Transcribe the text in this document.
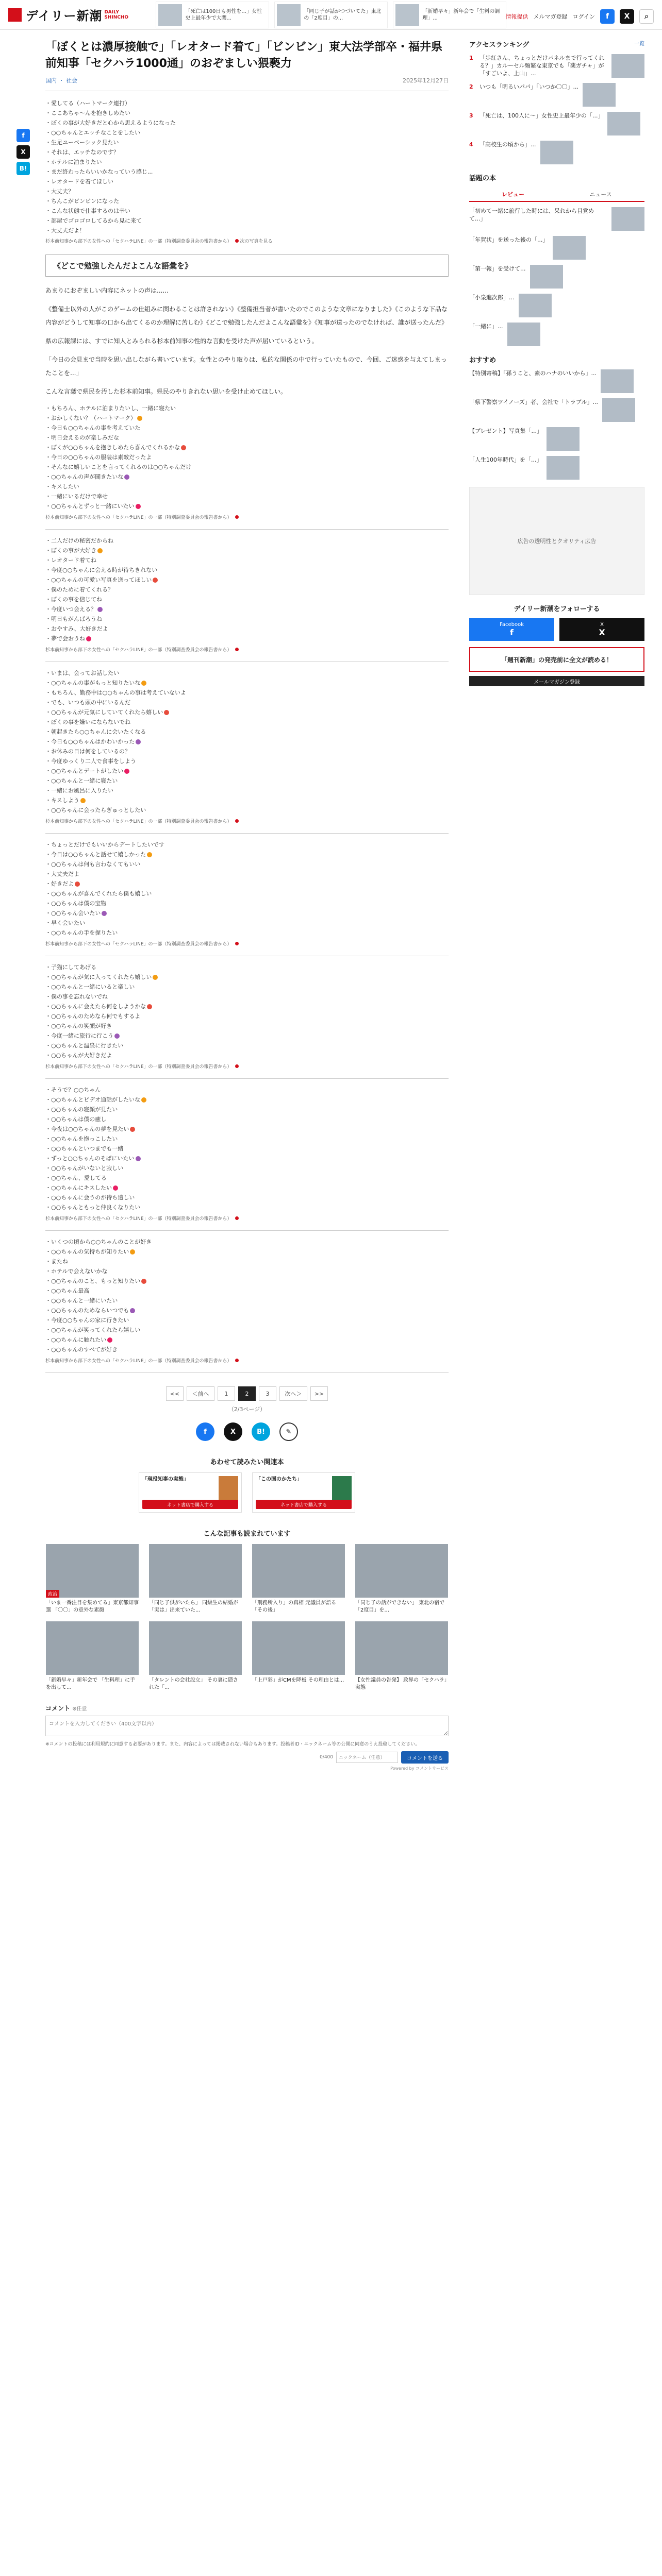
デイリー新潮 DAILY SHINCHO
「死亡は100日も男性を...」女性史上最年少で大関...
「同じ子が話がつづいてた」東北の「2度目」の...
「新婚早々」新年会で「生料の調理」...	情報提供 メルマガ登録 ログイン	f	X	⌕
f
X
B!
「ぼくとは濃厚接触で」「レオタード着て」「ビンビン」東大法学部卒・福井県前知事「セクハラ1000通」のおぞましい猥褻力
国内 ・ 社会	2025年12月27日
・愛してる（ハートマーク連打）
・ここあちゃ〜んを抱きしめたい
・ぼくの事が大好きだと心から思えるようになった
・○○ちゃんとエッチなことをしたい
・生足ユーベーシック見たい
・それは、エッチなのです？
・ホテルに泊まりたい
・まだ終わったらいいかなっていう感じ...
・レオタードを着てほしい
・大丈夫？
・ちんこがビンビンになった
・こんな状態で仕事するのは辛い
・部屋でゴロゴロしてるから見に来て
・大丈夫だよ！
杉本前知事から部下の女性への「セクハラLINE」の一部（特別調査委員会の報告書から） 次の写真を見る
《どこで勉強したんだよこんな語彙を》

あまりにおぞましい内容にネットの声は......

《整備士以外の人がこのゲームの仕組みに関わることは許されない》《整備担当者が書いたのでこのような文章になりました》《このような下品な内容がどうして知事の口から出てくるのか理解に苦しむ》《どこで勉強したんだよこんな語彙を》《知事が送ったのでなければ、誰が送ったんだ》

県の広報課には、すでに知人とみられる杉本前知事の性的な言動を受けた声が届いているという。

「今日の会見まで当時を思い出しながら書いています。女性とのやり取りは、私的な関係の中で行っていたもので、今回、ご迷惑を与えてしまったことを...」

こんな言葉で県民を汚した杉本前知事。県民のやりきれない思いを受け止めてほしい。

・もちろん、ホテルに泊まりたいし、一緒に寝たい
・おかしくない？（ハートマーク）
・今日も○○ちゃんの事を考えていた
・明日会えるのが楽しみだな
・ぼくが○○ちゃんを抱きしめたら喜んでくれるかな
・今日の○○ちゃんの服装は素敵だったよ
・そんなに嬉しいことを言ってくれるのは○○ちゃんだけ
・○○ちゃんの声が聞きたいな
・キスしたい
・一緒にいるだけで幸せ
・○○ちゃんとずっと一緒にいたい
杉本前知事から部下の女性への「セクハラLINE」の一部（特別調査委員会の報告書から）
・二人だけの秘密だからね
・ぼくの事が大好き
・レオタード着てね
・今度○○ちゃんに会える時が待ちきれない
・○○ちゃんの可愛い写真を送ってほしい
・僕のために着てくれる？
・ぼくの事を信じてね
・今度いつ会える？
・明日もがんばろうね
・おやすみ、大好きだよ
・夢で会おうね
杉本前知事から部下の女性への「セクハラLINE」の一部（特別調査委員会の報告書から）
・いまは、会ってお話したい
・○○ちゃんの事がもっと知りたいな
・もちろん、勤務中は○○ちゃんの事は考えていないよ
・でも、いつも頭の中にいるんだ
・○○ちゃんが元気にしていてくれたら嬉しい
・ぼくの事を嫌いにならないでね
・朝起きたら○○ちゃんに会いたくなる
・今日も○○ちゃんはかわいかった
・お休みの日は何をしているの？
・今度ゆっくり二人で食事をしよう
・○○ちゃんとデートがしたい
・○○ちゃんと一緒に寝たい
・一緒にお風呂に入りたい
・キスしよう
・○○ちゃんに会ったらぎゅっとしたい
杉本前知事から部下の女性への「セクハラLINE」の一部（特別調査委員会の報告書から）
・ちょっとだけでもいいからデートしたいです
・今日は○○ちゃんと話せて嬉しかった
・○○ちゃんは何も言わなくてもいい
・大丈夫だよ
・好きだよ
・○○ちゃんが喜んでくれたら僕も嬉しい
・○○ちゃんは僕の宝物
・○○ちゃん会いたい
・早く会いたい
・○○ちゃんの手を握りたい
杉本前知事から部下の女性への「セクハラLINE」の一部（特別調査委員会の報告書から）
・子猫にしてあげる
・○○ちゃんが気に入ってくれたら嬉しい
・○○ちゃんと一緒にいると楽しい
・僕の事を忘れないでね
・○○ちゃんに会えたら何をしようかな
・○○ちゃんのためなら何でもするよ
・○○ちゃんの笑顔が好き
・今度一緒に旅行に行こう
・○○ちゃんと温泉に行きたい
・○○ちゃんが大好きだよ
杉本前知事から部下の女性への「セクハラLINE」の一部（特別調査委員会の報告書から）
・そうで？○○ちゃん
・○○ちゃんとビデオ通話がしたいな
・○○ちゃんの寝顔が見たい
・○○ちゃんは僕の癒し
・今夜は○○ちゃんの夢を見たい
・○○ちゃんを抱っこしたい
・○○ちゃんといつまでも一緒
・ずっと○○ちゃんのそばにいたい
・○○ちゃんがいないと寂しい
・○○ちゃん、愛してる
・○○ちゃんにキスしたい
・○○ちゃんに会うのが待ち遠しい
・○○ちゃんともっと仲良くなりたい
杉本前知事から部下の女性への「セクハラLINE」の一部（特別調査委員会の報告書から）
・いくつの頃から○○ちゃんのことが好き
・○○ちゃんの気持ちが知りたい
・またね
・ホテルで会えないかな
・○○ちゃんのこと、もっと知りたい
・○○ちゃん最高
・○○ちゃんと一緒にいたい
・○○ちゃんのためならいつでも
・今度○○ちゃんの家に行きたい
・○○ちゃんが笑ってくれたら嬉しい
・○○ちゃんに触れたい
・○○ちゃんのすべてが好き
杉本前知事から部下の女性への「セクハラLINE」の一部（特別調査委員会の報告書から）
<<	＜前へ	1	2	3	次へ＞	>>
（2/3ページ）
f	X	B!	✎
あわせて読みたい関連本
「現役知事の実態」
ネット書店で購入する
「この国のかたち」
ネット書店で購入する
こんな記事も読まれています
政治
「いま一番注目を集めてる」東京都知事選 「〇〇」の意外な素顔
「同じ子供がいたら」 同級生の結婚が「実は」出来ていた...
「刑務所入り」の真相 元議員が語る「その後」
「同じ子の話ができない」 東北の宿で「2度目」を...
「新婚早々」新年会で 「生料理」に手を出して...
「タレントの会社設立」 その裏に隠された「...
「上戸彩」がCMを降板 その理由とは... 【女性議員の告発】 政界の「セクハラ」実態
コメント ※任意 コメントを入力してください（400文字以内）
※コメントの投稿には利用規約に同意する必要があります。また、内容によっては掲載されない場合もあります。投稿者ID・ニックネーム等の公開に同意のうえ投稿してください。
0/400
ニックネーム（任意）	コメントを送る
Powered by コメントサービス
アクセスランキング	一覧
1	「歩紅さん、ちょっとだけパネルまで行ってくれる？」カルーセル頻繁な東京でも「薬ガチャ」が「すごいよ、上山」...
2	いつも「明るいパパ」「いつか〇〇」...
3	「死亡は、100人に〜」女性史上最年少の「...」
4	「高校生の頃から」...
話題の本
レビュー	ニュース
「初めて一緒に旅行した時には、呆れから目覚めて...」
「年賀状」を送った後の「...」
「第一報」を受けて...
「小泉進次郎」...
「一緒に」...
おすすめ
【特別寄稿】「孫うこと、素のハナのいいから」...
「県下警察ツイノーズ」者、会社で「トラブル」...
【プレゼント】写真集「...」
「人生100年時代」を「...」
広告の透明性とクオリティ広告
デイリー新潮をフォローする
Facebook
f
X
X
「週刊新潮」の発売前に全文が読める！
メールマガジン登録
